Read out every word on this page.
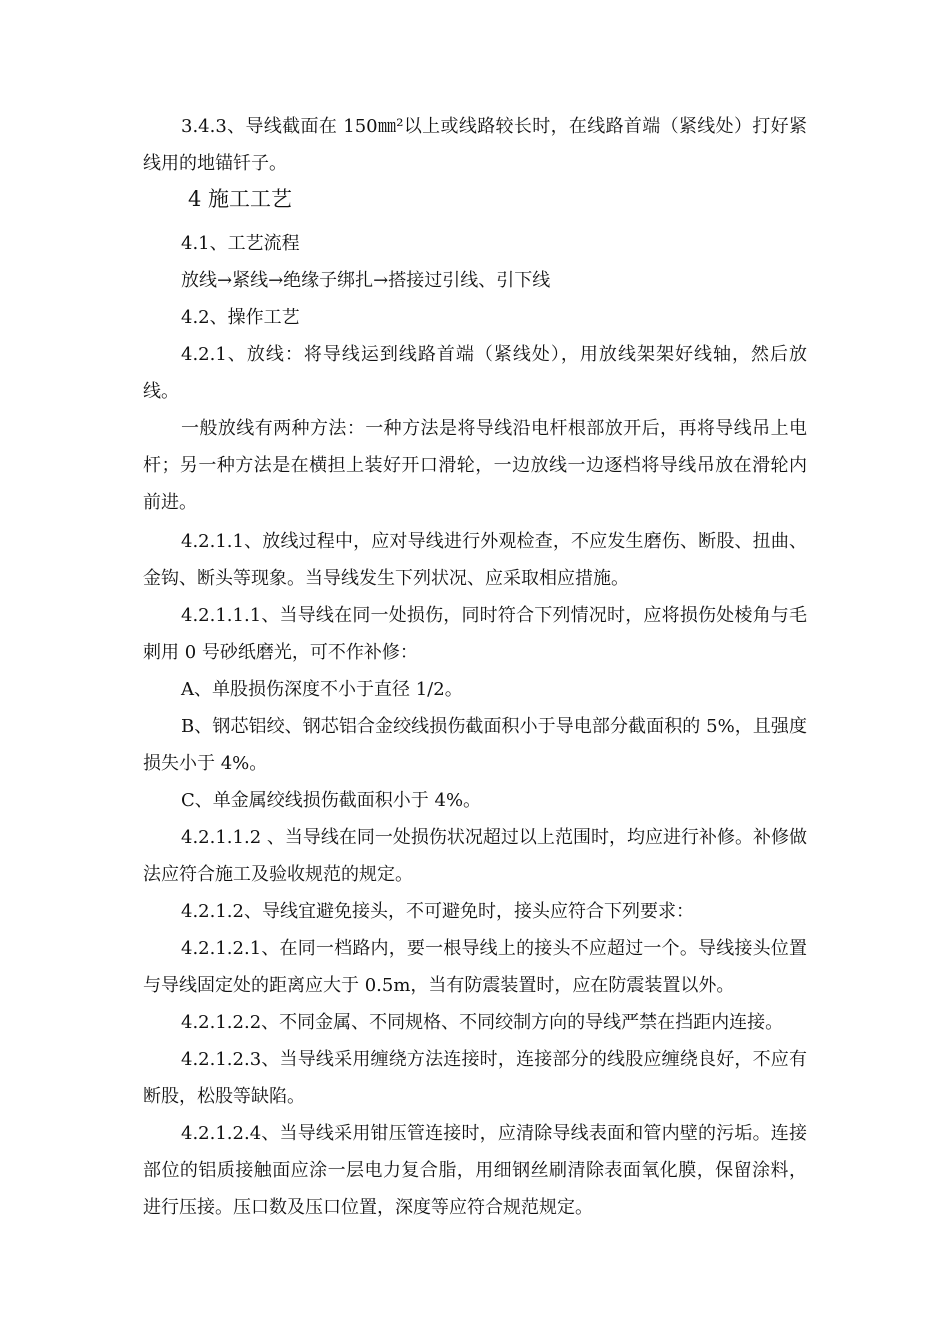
3.4.3、导线截面在 150㎜²以上或线路较长时，在线路首端（紧线处）打好紧线用的地锚钎子。

4 施工工艺

4.1、工艺流程

放线→紧线→绝缘子绑扎→搭接过引线、引下线

4.2、操作工艺

4.2.1、放线：将导线运到线路首端（紧线处），用放线架架好线轴，然后放线。

一般放线有两种方法：一种方法是将导线沿电杆根部放开后，再将导线吊上电杆；另一种方法是在横担上装好开口滑轮，一边放线一边逐档将导线吊放在滑轮内前进。

4.2.1.1、放线过程中，应对导线进行外观检查，不应发生磨伤、断股、扭曲、金钩、断头等现象。当导线发生下列状况、应采取相应措施。

4.2.1.1.1、当导线在同一处损伤，同时符合下列情况时，应将损伤处棱角与毛刺用 0 号砂纸磨光，可不作补修：

A、单股损伤深度不小于直径 1/2。

B、钢芯铝绞、钢芯铝合金绞线损伤截面积小于导电部分截面积的 5%，且强度损失小于 4%。

C、单金属绞线损伤截面积小于 4%。

4.2.1.1.2 、当导线在同一处损伤状况超过以上范围时，均应进行补修。补修做法应符合施工及验收规范的规定。

4.2.1.2、导线宜避免接头，不可避免时，接头应符合下列要求：

4.2.1.2.1、在同一档路内，要一根导线上的接头不应超过一个。导线接头位置与导线固定处的距离应大于 0.5m，当有防震装置时，应在防震装置以外。

4.2.1.2.2、不同金属、不同规格、不同绞制方向的导线严禁在挡距内连接。

4.2.1.2.3、当导线采用缠绕方法连接时，连接部分的线股应缠绕良好，不应有断股，松股等缺陷。

4.2.1.2.4、当导线采用钳压管连接时，应清除导线表面和管内壁的污垢。连接部位的铝质接触面应涂一层电力复合脂，用细钢丝刷清除表面氧化膜，保留涂料，进行压接。压口数及压口位置，深度等应符合规范规定。
